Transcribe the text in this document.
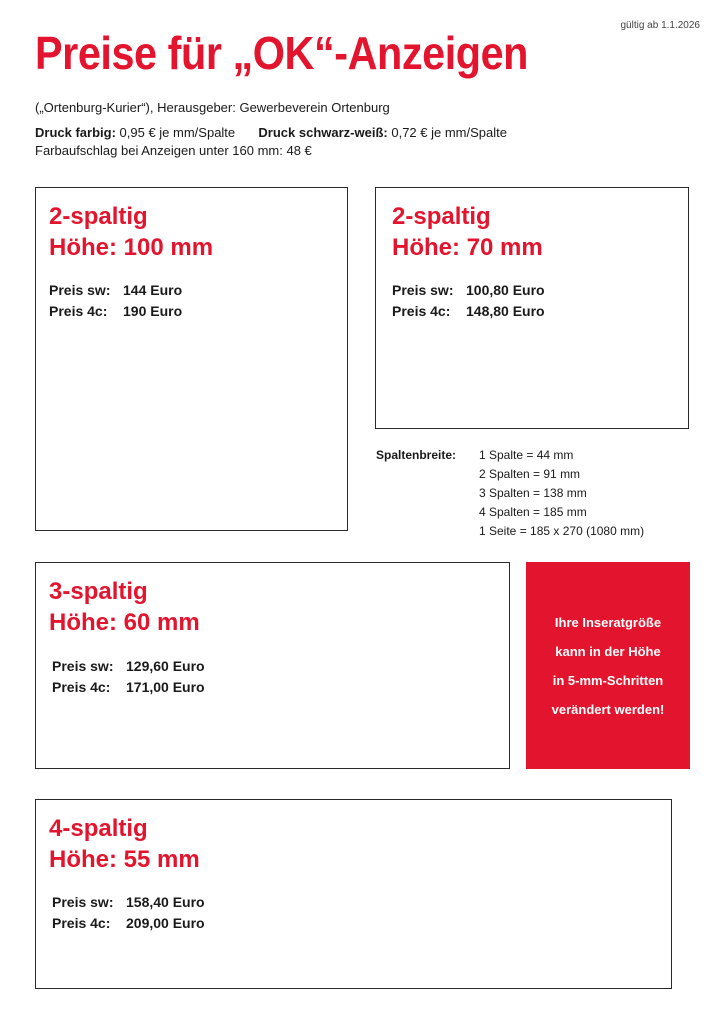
gültig ab 1.1.2026
Preise für „OK“-Anzeigen
(„Ortenburg-Kurier“), Herausgeber: Gewerbeverein Ortenburg
Druck farbig: 0,95 € je mm/Spalte Druck schwarz-weiß: 0,72 € je mm/Spalte
Farbaufschlag bei Anzeigen unter 160 mm: 48 €
2-spaltig
Höhe: 100 mm
Preis sw: 144 Euro
Preis 4c: 190 Euro
2-spaltig
Höhe: 70 mm
Preis sw: 100,80 Euro
Preis 4c: 148,80 Euro
Spaltenbreite: 1 Spalte = 44 mm
2 Spalten = 91 mm
3 Spalten = 138 mm
4 Spalten = 185 mm
1 Seite = 185 x 270 (1080 mm)
3-spaltig
Höhe: 60 mm
Preis sw: 129,60 Euro
Preis 4c: 171,00 Euro
Ihre Inseratgröße
kann in der Höhe
in 5-mm-Schritten
verändert werden!
4-spaltig
Höhe: 55 mm
Preis sw: 158,40 Euro
Preis 4c: 209,00 Euro
